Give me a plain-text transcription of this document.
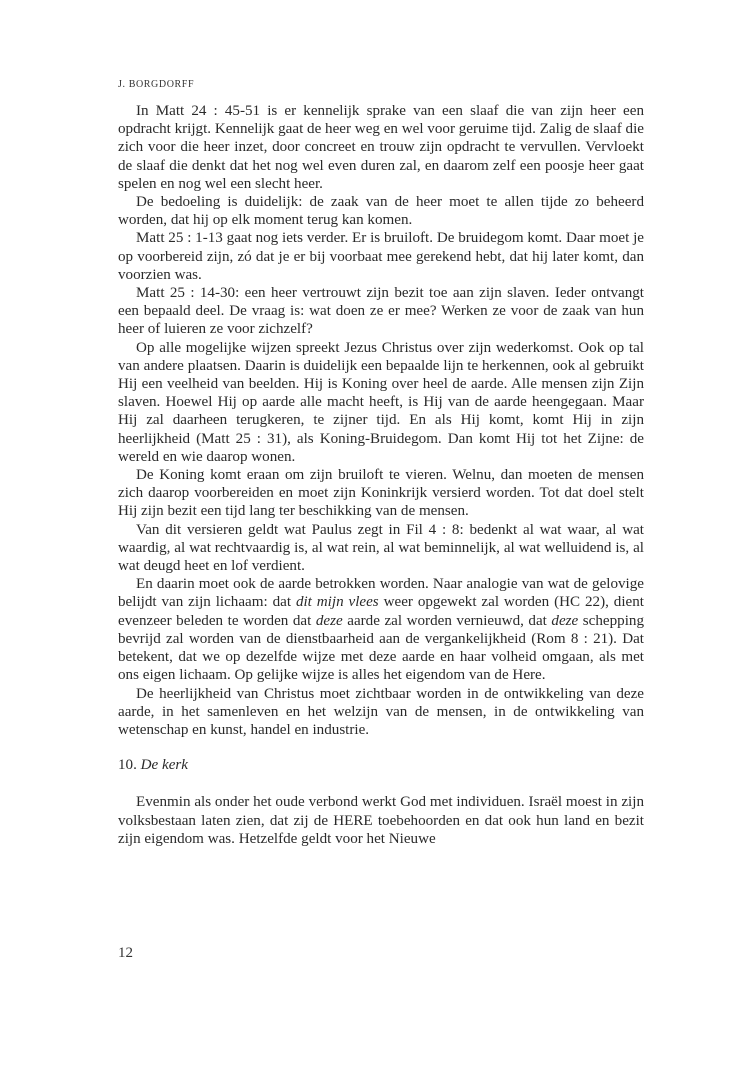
J. BORGDORFF

In Matt 24 : 45-51 is er kennelijk sprake van een slaaf die van zijn heer een opdracht krijgt. Kennelijk gaat de heer weg en wel voor geruime tijd. Zalig de slaaf die zich voor die heer inzet, door concreet en trouw zijn opdracht te vervullen. Vervloekt de slaaf die denkt dat het nog wel even duren zal, en daarom zelf een poosje heer gaat spelen en nog wel een slecht heer.

De bedoeling is duidelijk: de zaak van de heer moet te allen tijde zo beheerd worden, dat hij op elk moment terug kan komen.

Matt 25 : 1-13 gaat nog iets verder. Er is bruiloft. De bruidegom komt. Daar moet je op voorbereid zijn, zó dat je er bij voorbaat mee gerekend hebt, dat hij later komt, dan voorzien was.

Matt 25 : 14-30: een heer vertrouwt zijn bezit toe aan zijn slaven. Ieder ontvangt een bepaald deel. De vraag is: wat doen ze er mee? Werken ze voor de zaak van hun heer of luieren ze voor zichzelf?

Op alle mogelijke wijzen spreekt Jezus Christus over zijn wederkomst. Ook op tal van andere plaatsen. Daarin is duidelijk een bepaalde lijn te herkennen, ook al gebruikt Hij een veelheid van beelden. Hij is Koning over heel de aarde. Alle mensen zijn Zijn slaven. Hoewel Hij op aarde alle macht heeft, is Hij van de aarde heengegaan. Maar Hij zal daarheen terugkeren, te zijner tijd. En als Hij komt, komt Hij in zijn heerlijkheid (Matt 25 : 31), als Koning-Bruidegom. Dan komt Hij tot het Zijne: de wereld en wie daarop wonen.

De Koning komt eraan om zijn bruiloft te vieren. Welnu, dan moeten de mensen zich daarop voorbereiden en moet zijn Koninkrijk versierd worden. Tot dat doel stelt Hij zijn bezit een tijd lang ter beschikking van de mensen.

Van dit versieren geldt wat Paulus zegt in Fil 4 : 8: bedenkt al wat waar, al wat waardig, al wat rechtvaardig is, al wat rein, al wat beminnelijk, al wat welluidend is, al wat deugd heet en lof verdient.

En daarin moet ook de aarde betrokken worden. Naar analogie van wat de gelovige belijdt van zijn lichaam: dat dit mijn vlees weer opgewekt zal worden (HC 22), dient evenzeer beleden te worden dat deze aarde zal worden vernieuwd, dat deze schepping bevrijd zal worden van de dienstbaarheid aan de vergankelijkheid (Rom 8 : 21). Dat betekent, dat we op dezelfde wijze met deze aarde en haar volheid omgaan, als met ons eigen lichaam. Op gelijke wijze is alles het eigendom van de Here.

De heerlijkheid van Christus moet zichtbaar worden in de ontwikkeling van deze aarde, in het samenleven en het welzijn van de mensen, in de ontwikkeling van wetenschap en kunst, handel en industrie.

10. De kerk

Evenmin als onder het oude verbond werkt God met individuen. Israël moest in zijn volksbestaan laten zien, dat zij de HERE toebehoorden en dat ook hun land en bezit zijn eigendom was. Hetzelfde geldt voor het Nieuwe

12
